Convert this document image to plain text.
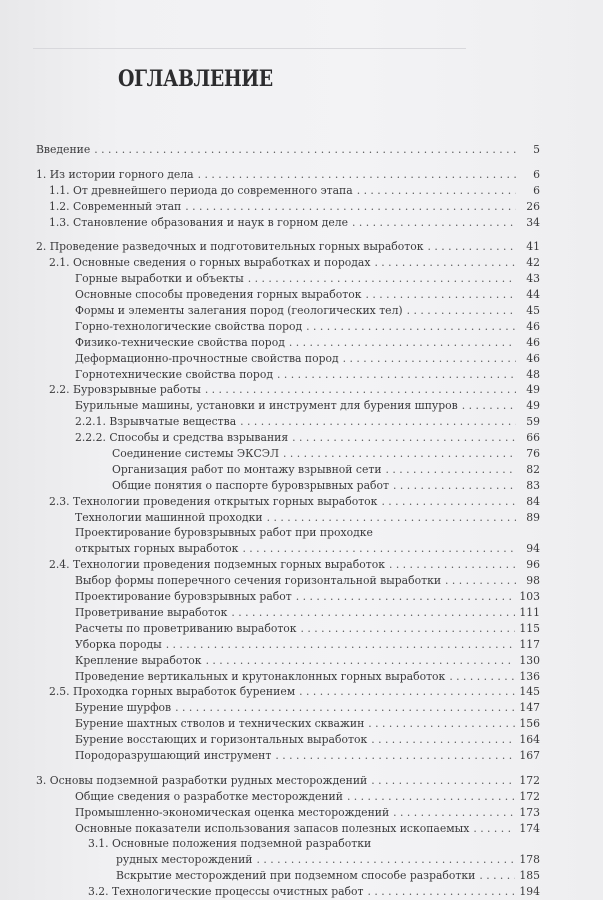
ОГЛАВЛЕНИЕ
Введение . . .	5
1. Из истории горного дела . . .	6
1.1. От древнейшего периода до современного этапа . . .	6
1.2. Современный этап . . .	26
1.3. Становление образования и наук в горном деле . . .	34
2. Проведение разведочных и подготовительных горных выработок . . .	41
2.1. Основные сведения о горных выработках и породах . . .	42
Горные выработки и объекты . . .	43
Основные способы проведения горных выработок . . .	44
Формы и элементы залегания пород (геологических тел) . . .	45
Горно-технологические свойства пород . . .	46
Физико-технические свойства пород . . .	46
Деформационно-прочностные свойства пород . . .	46
Горнотехнические свойства пород . . .	48
2.2. Буровзрывные работы . . .	49
Бурильные машины, установки и инструмент для бурения шпуров . . .	49
2.2.1. Взрывчатые вещества . . .	59
2.2.2. Способы и средства взрывания . . .	66
Соединение системы ЭКСЭЛ . . .	76
Организация работ по монтажу взрывной сети . . .	82
Общие понятия о паспорте буровзрывных работ . . .	83
2.3. Технологии проведения открытых горных выработок . . .	84
Технологии машинной проходки . . .	89
Проектирование буровзрывных работ при проходке
открытых горных выработок . . .	94
2.4. Технологии проведения подземных горных выработок . . .	96
Выбор формы поперечного сечения горизонтальной выработки . . .	98
Проектирование буровзрывных работ . . .	103
Проветривание выработок . . .	111
Расчеты по проветриванию выработок . . .	115
Уборка породы . . .	117
Крепление выработок . . .	130
Проведение вертикальных и крутонаклонных горных выработок . . .	136
2.5. Проходка горных выработок бурением . . .	145
Бурение шурфов . . .	147
Бурение шахтных стволов и технических скважин . . .	156
Бурение восстающих и горизонтальных выработок . . .	164
Породоразрушающий инструмент . . .	167
3. Основы подземной разработки рудных месторождений . . .	172
Общие сведения о разработке месторождений . . .	172
Промышленно-экономическая оценка месторождений . . .	173
Основные показатели использования запасов полезных ископаемых . . .	174
3.1. Основные положения подземной разработки
рудных месторождений . . .	178
Вскрытие месторождений при подземном способе разработки . . .	185
3.2. Технологические процессы очистных работ . . .	194
